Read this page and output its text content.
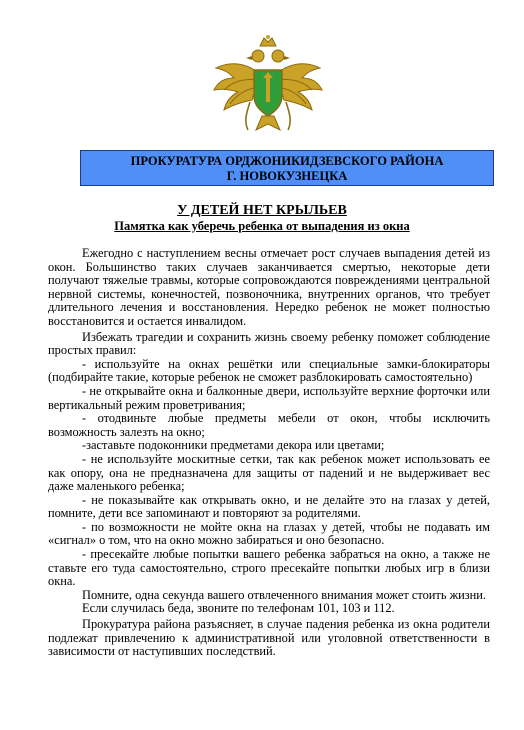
ПРОКУРАТУРА ОРДЖОНИКИДЗЕВСКОГО РАЙОНА
Г. НОВОКУЗНЕЦКА
У ДЕТЕЙ НЕТ КРЫЛЬЕВ
Памятка как уберечь ребенка от выпадения из окна

Ежегодно с наступлением весны отмечает рост случаев выпадения детей из окон. Большинство таких случаев заканчивается смертью, некоторые дети получают тяжелые травмы, которые сопровождаются повреждениями центральной нервной системы, конечностей, позвоночника, внутренних органов, что требует длительного лечения и восстановления. Нередко ребенок не может полностью восстановится и остается инвалидом.

Избежать трагедии и сохранить жизнь своему ребенку поможет соблюдение простых правил:

- используйте на окнах решётки или специальные замки-блокираторы (подбирайте такие, которые ребенок не сможет разблокировать самостоятельно)

- не открывайте окна и балконные двери, используйте верхние форточки или вертикальный режим проветривания;

- отодвиньте любые предметы мебели от окон, чтобы исключить возможность залезть на окно;

-заставьте подоконники предметами декора или цветами;

- не используйте москитные сетки, так как ребенок может использовать ее как опору, она не предназначена для защиты от падений и не выдерживает вес даже маленького ребенка;

- не показывайте как открывать окно, и не делайте это на глазах у детей, помните, дети все запоминают и повторяют за родителями.

- по возможности не мойте окна на глазах у детей, чтобы не подавать им «сигнал» о том, что на окно можно забираться и оно безопасно.

- пресекайте любые попытки вашего ребенка забраться на окно, а также не ставьте его туда самостоятельно, строго пресекайте попытки любых игр в близи окна.

Помните, одна секунда вашего отвлеченного внимания может стоить жизни.

Если случилась беда, звоните по телефонам 101, 103 и 112.

Прокуратура района разъясняет, в случае падения ребенка из окна родители подлежат привлечению к административной или уголовной ответственности в зависимости от наступивших последствий.
